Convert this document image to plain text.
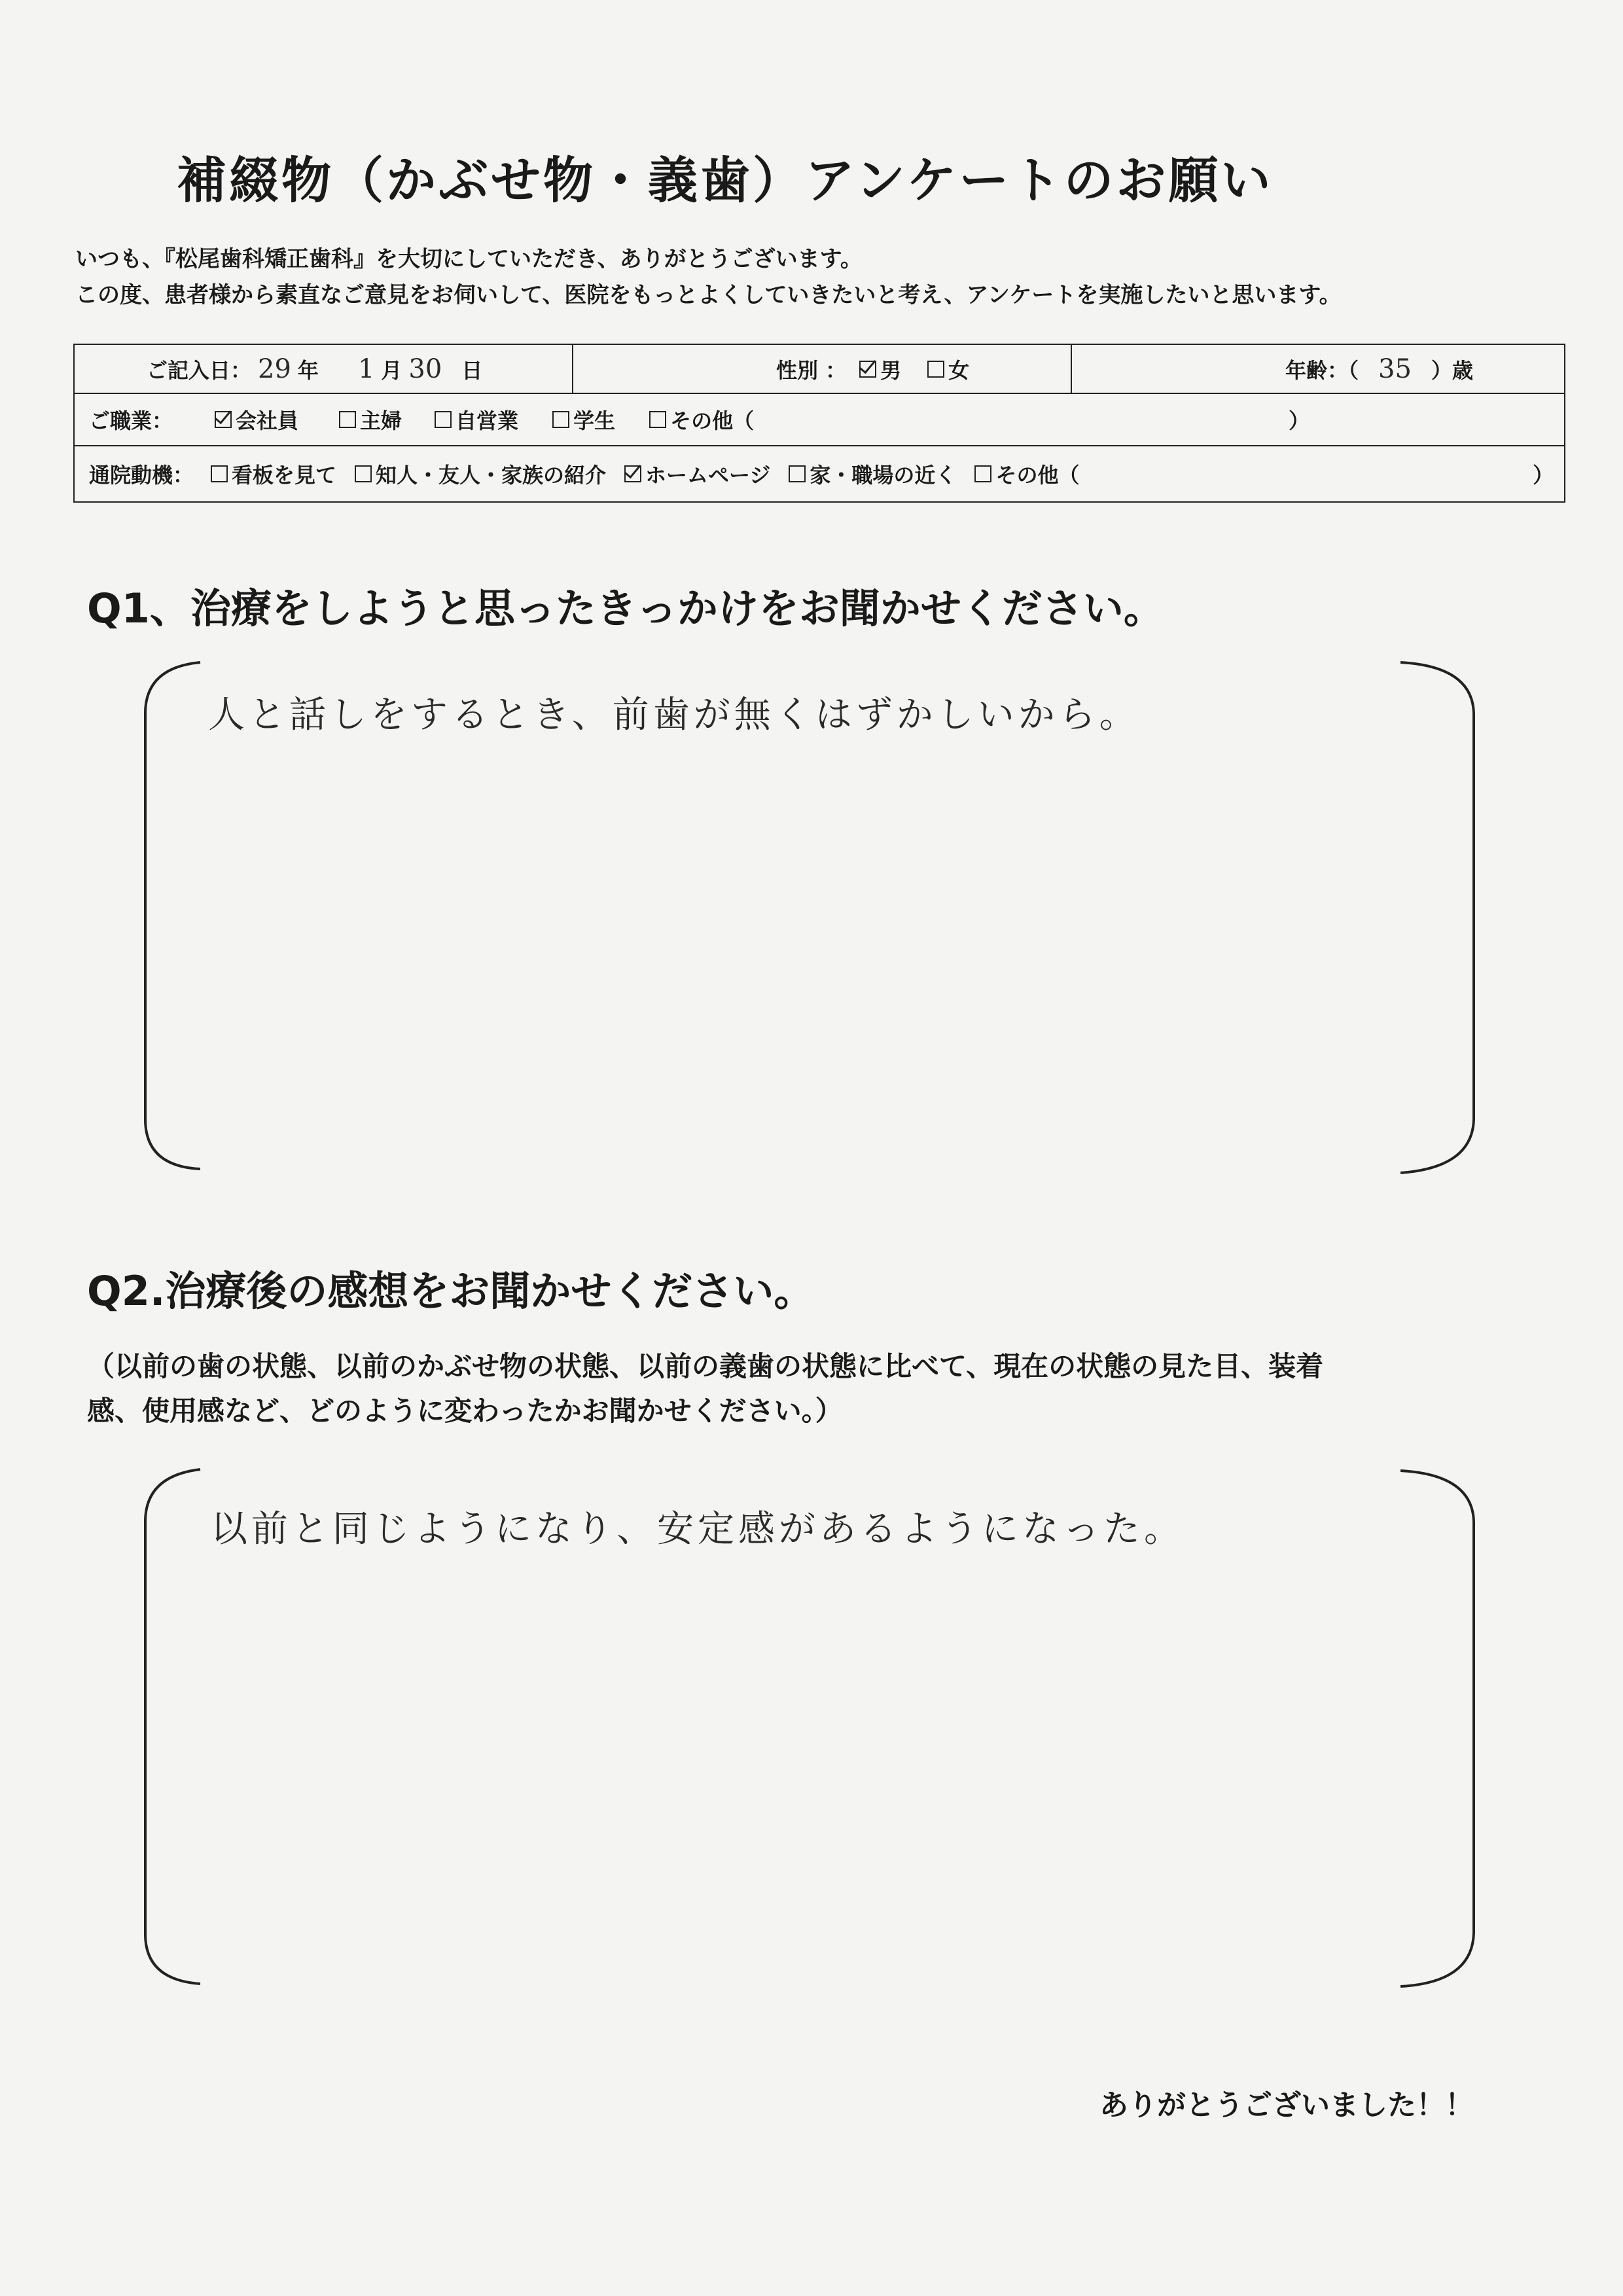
補綴物（かぶせ物・義歯）アンケートのお願い
いつも、『松尾歯科矯正歯科』を大切にしていただき、ありがとうございます。
この度、患者様から素直なご意見をお伺いして、医院をもっとよくしていきたいと考え、アンケートを実施したいと思います。
ご記入日： 29 年 1 月 30 日	性別 ： 男 女	年齢：（ 35 ）歳
ご職業：	会社員	主婦	自営業	学生	その他（	）
通院動機： 看板を見て 知人・友人・家族の紹介 ホームページ 家・職場の近く その他（	）
Q1、治療をしようと思ったきっかけをお聞かせください。
人と話しをするとき、前歯が無くはずかしいから。
Q2.治療後の感想をお聞かせください。
（以前の歯の状態、以前のかぶせ物の状態、以前の義歯の状態に比べて、現在の状態の見た目、装着
感、使用感など、どのように変わったかお聞かせください。）
以前と同じようになり、安定感があるようになった。
ありがとうございました！！
